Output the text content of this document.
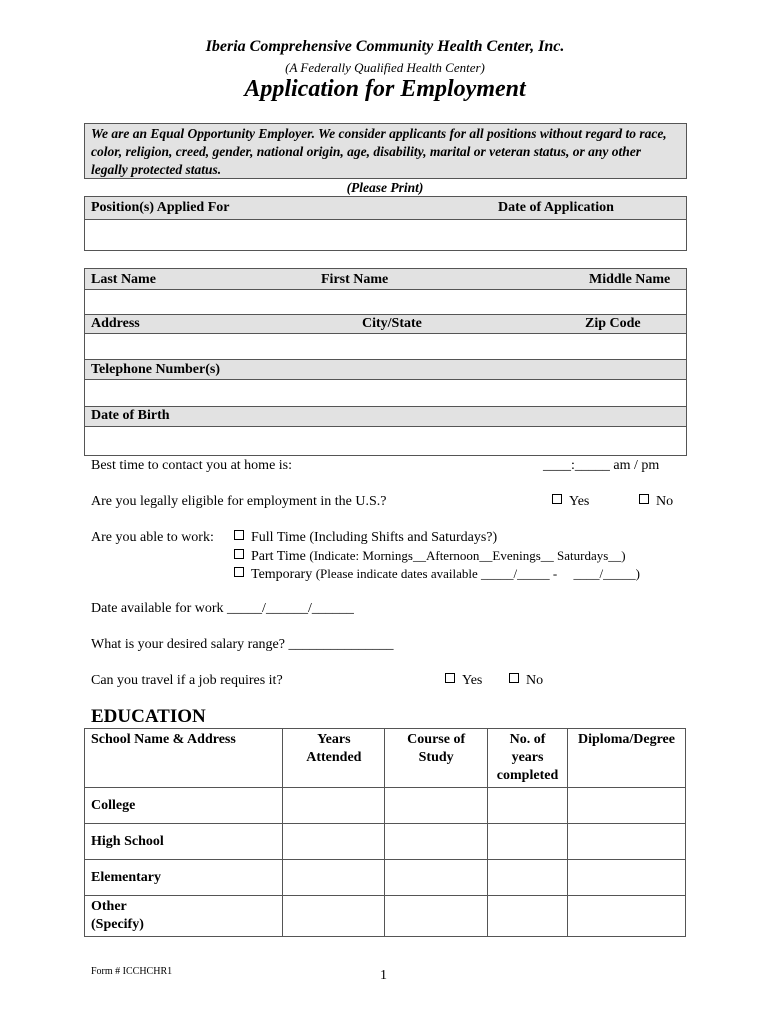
Iberia Comprehensive Community Health Center, Inc.
(A Federally Qualified Health Center)
Application for Employment
We are an Equal Opportunity Employer. We consider applicants for all positions without regard to race, color, religion, creed, gender, national origin, age, disability, marital or veteran status, or any other legally protected status.
(Please Print)
Position(s) Applied For	Date of Application
Last Name	First Name	Middle Name
Address	City/State	Zip Code
Telephone Number(s)
Date of Birth
Best time to contact you at home is:	____:_____ am / pm
Are you legally eligible for employment in the U.S.?	Yes	No
Are you able to work:	Full Time (Including Shifts and Saturdays?)
Part Time (Indicate: Mornings__Afternoon__Evenings__ Saturdays__)
Temporary (Please indicate dates available _____/_____ -     ____/_____)
Date available for work _____/______/______
What is your desired salary range? _______________
Can you travel if a job requires it?	Yes	No
EDUCATION
School Name & Address	Years Attended	Course of Study	No. of years completed	Diploma/Degree
College				
High School				
Elementary				

Other (Specify)				

Form # ICCHCHR1	1
